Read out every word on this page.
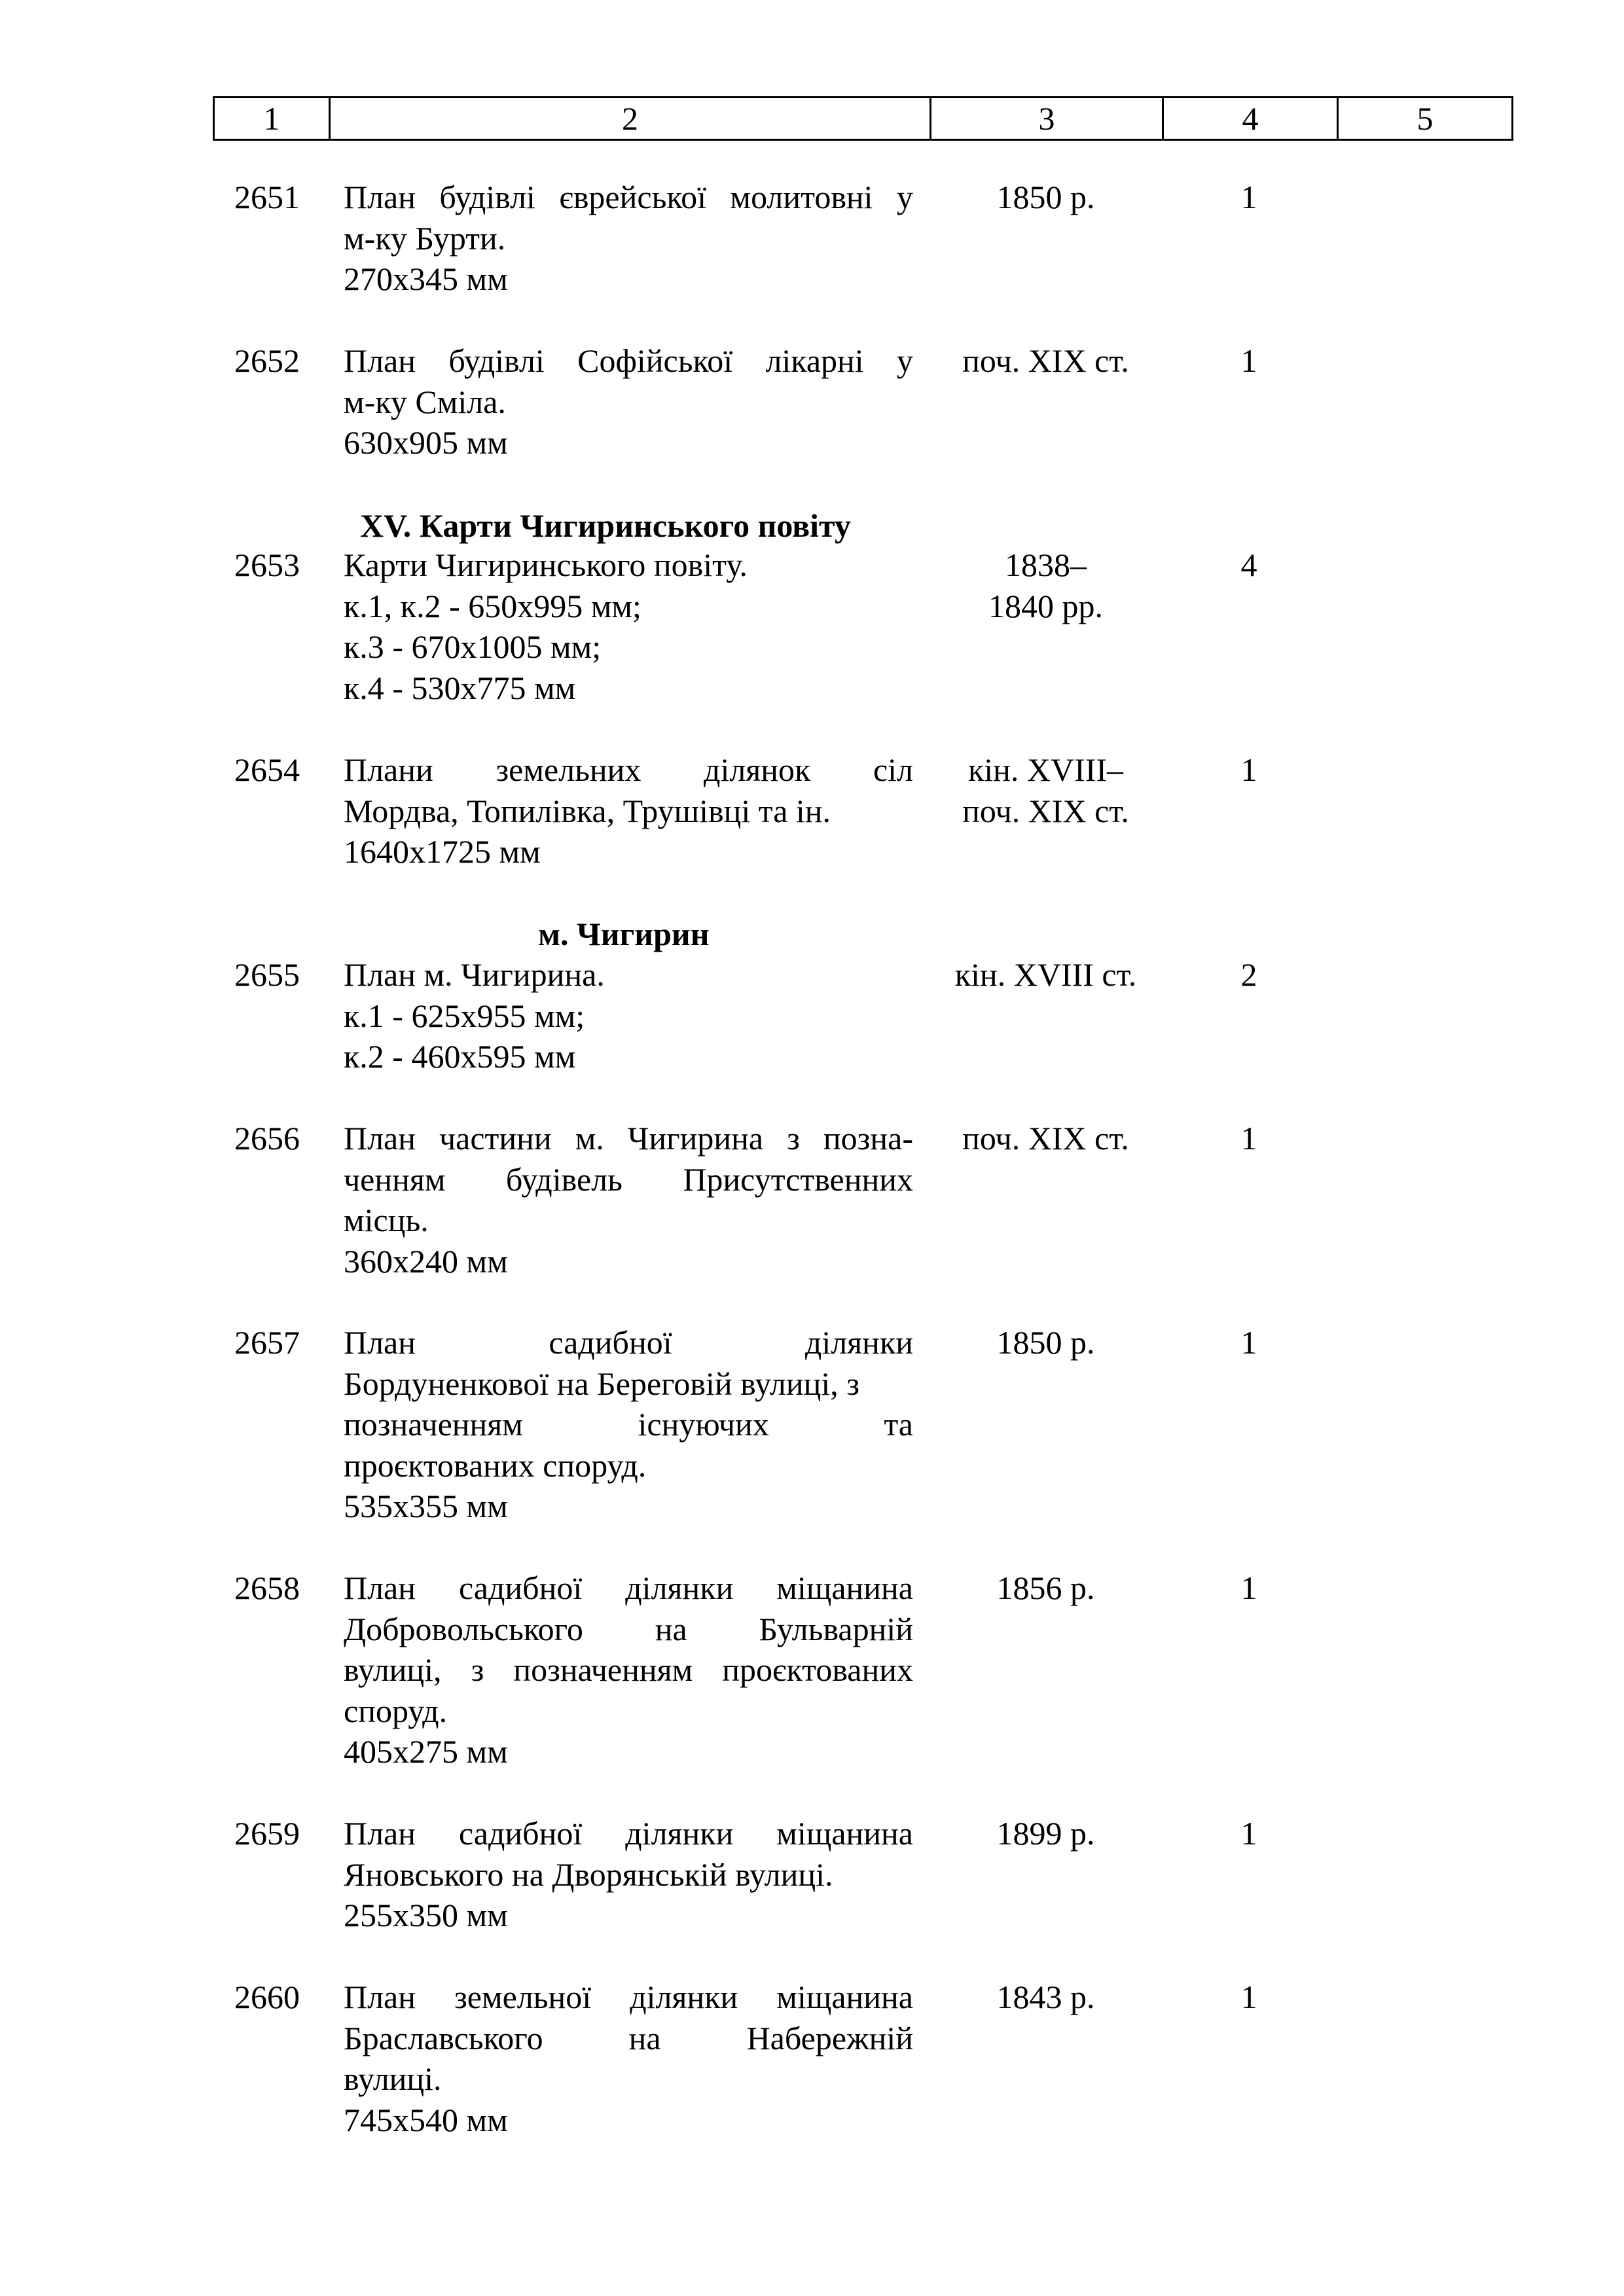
1	2	3	4	5
2651	План будівлі єврейської молитовні у
м-ку Бурти.
270х345 мм
1850 р.	1
2652	План будівлі Софійської лікарні у
м-ку Сміла.
630х905 мм
поч. XIX ст.	1
XV. Карти Чигиринського повіту
2653	Карти Чигиринського повіту.
к.1, к.2 - 650х995 мм;
к.3 - 670х1005 мм;
к.4 - 530х775 мм
1838–
1840 рр.
4
2654	Плани земельних ділянок сіл
Мордва, Топилівка, Трушівці та ін.
1640х1725 мм
кін. XVIII–
поч. XIX ст.
1
м. Чигирин
2655	План м. Чигирина.
к.1 - 625х955 мм;
к.2 - 460х595 мм
кін. XVIII ст.	2
2656	План частини м. Чигирина з позна-
ченням будівель Присутственних
місць.
360х240 мм
поч. XIX ст.	1
2657	План садибної ділянки
Бордуненкової на Береговій вулиці, з
позначенням існуючих та
проєктованих споруд.
535х355 мм
1850 р.	1
2658	План садибної ділянки міщанина
Добровольського на Бульварній
вулиці, з позначенням проєктованих
споруд.
405х275 мм
1856 р.	1
2659	План садибної ділянки міщанина
Яновського на Дворянській вулиці.
255х350 мм
1899 р.	1
2660	План земельної ділянки міщанина
Браславського на Набережній
вулиці.
745х540 мм
1843 р.	1
